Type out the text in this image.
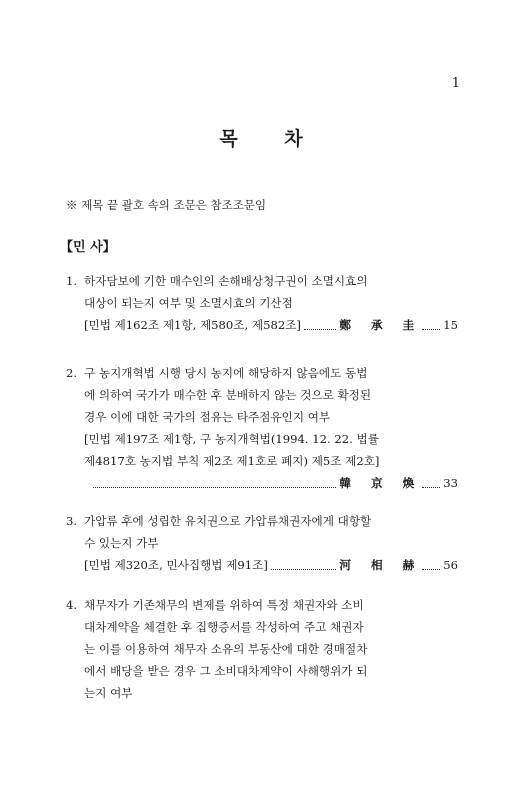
1
목 차
※ 제목 끝 괄호 속의 조문은 참조조문임
【민 사】
1. 하자담보에 기한 매수인의 손해배상청구권이 소멸시효의
대상이 되는지 여부 및 소멸시효의 기산점
[민법 제162조 제1항, 제580조, 제582조]	鄭 承 圭 15
2. 구 농지개혁법 시행 당시 농지에 해당하지 않음에도 동법
에 의하여 국가가 매수한 후 분배하지 않는 것으로 확정된
경우 이에 대한 국가의 점유는 타주점유인지 여부
[민법 제197조 제1항, 구 농지개혁법(1994. 12. 22. 법률
제4817호 농지법 부칙 제2조 제1호로 폐지) 제5조 제2호]
韓 京 煥 33
3. 가압류 후에 성립한 유치권으로 가압류채권자에게 대항할
수 있는지 가부
[민법 제320조, 민사집행법 제91조]	河 相 赫 56
4. 채무자가 기존채무의 변제를 위하여 특정 채권자와 소비
대차계약을 체결한 후 집행증서를 작성하여 주고 채권자
는 이를 이용하여 채무자 소유의 부동산에 대한 경매절차
에서 배당을 받은 경우 그 소비대차계약이 사해행위가 되
는지 여부
